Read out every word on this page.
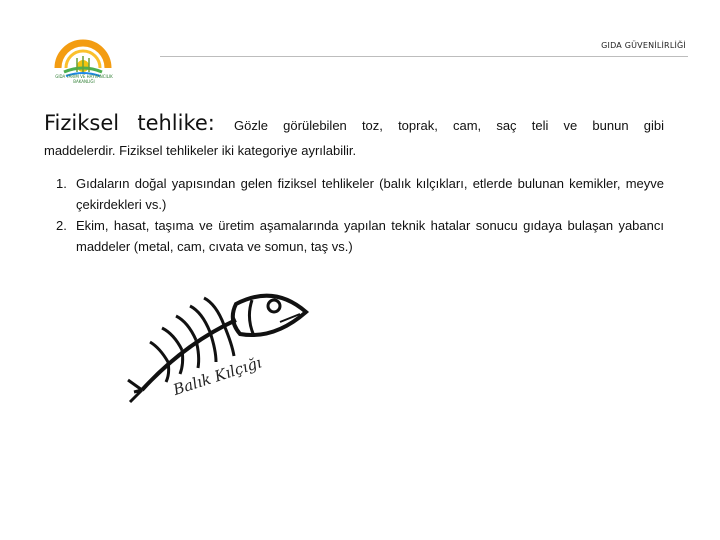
GIDA TARIM VE HAYVANCILIK BAKANLIĞI
GIDA GÜVENİLİRLİĞİ
Fiziksel tehlike: Gözle görülebilen toz, toprak, cam, saç teli ve bunun gibi
maddelerdir. Fiziksel tehlikeler iki kategoriye ayrılabilir.
1. Gıdaların doğal yapısından gelen fiziksel tehlikeler (balık kılçıkları, etlerde bulunan kemikler, meyve çekirdekleri vs.)
2. Ekim, hasat, taşıma ve üretim aşamalarında yapılan teknik hatalar sonucu gıdaya bulaşan yabancı maddeler (metal, cam, cıvata ve somun, taş vs.)
Balık Kılçığı
